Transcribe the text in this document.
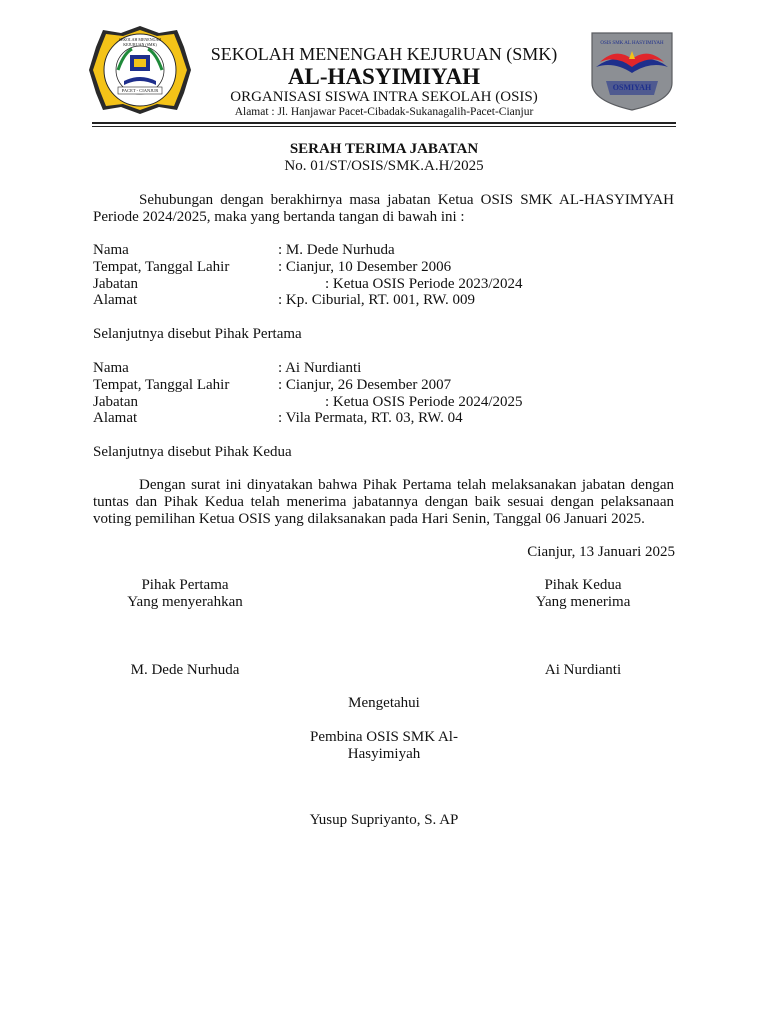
SEKOLAH MENENGAH KEJURUAN (SMK)
PACET - CIANJUR
OSIS SMK AL HASYIMIYAH
OSMIYAH
SEKOLAH MENENGAH KEJURUAN (SMK)
AL-HASYIMIYAH
ORGANISASI SISWA INTRA SEKOLAH (OSIS)
Alamat : Jl. Hanjawar Pacet-Cibadak-Sukanagalih-Pacet-Cianjur
SERAH TERIMA JABATAN
No. 01/ST/OSIS/SMK.A.H/2025
Sehubungan dengan berakhirnya masa jabatan Ketua OSIS SMK AL-HASYIMYAH Periode 2024/2025, maka yang bertanda tangan di bawah ini :
Nama	: M. Dede Nurhuda
Tempat, Tanggal Lahir	: Cianjur, 10 Desember 2006
Jabatan	: Ketua OSIS Periode 2023/2024
Alamat	: Kp. Ciburial, RT. 001, RW. 009
Selanjutnya disebut Pihak Pertama
Nama	: Ai Nurdianti
Tempat, Tanggal Lahir	: Cianjur, 26 Desember 2007
Jabatan	: Ketua OSIS Periode 2024/2025
Alamat	: Vila Permata, RT. 03, RW. 04
Selanjutnya disebut Pihak Kedua
Dengan surat ini dinyatakan bahwa Pihak Pertama telah melaksanakan jabatan dengan tuntas dan Pihak Kedua telah menerima jabatannya dengan baik sesuai dengan pelaksanaan voting pemilihan Ketua OSIS yang dilaksanakan pada Hari Senin, Tanggal 06 Januari 2025.
Cianjur, 13 Januari 2025
Pihak Pertama
Yang menyerahkan
Pihak Kedua
Yang menerima
M. Dede Nurhuda	Ai Nurdianti
Mengetahui
Pembina OSIS SMK Al-
Hasyimiyah
Yusup Supriyanto, S. AP
